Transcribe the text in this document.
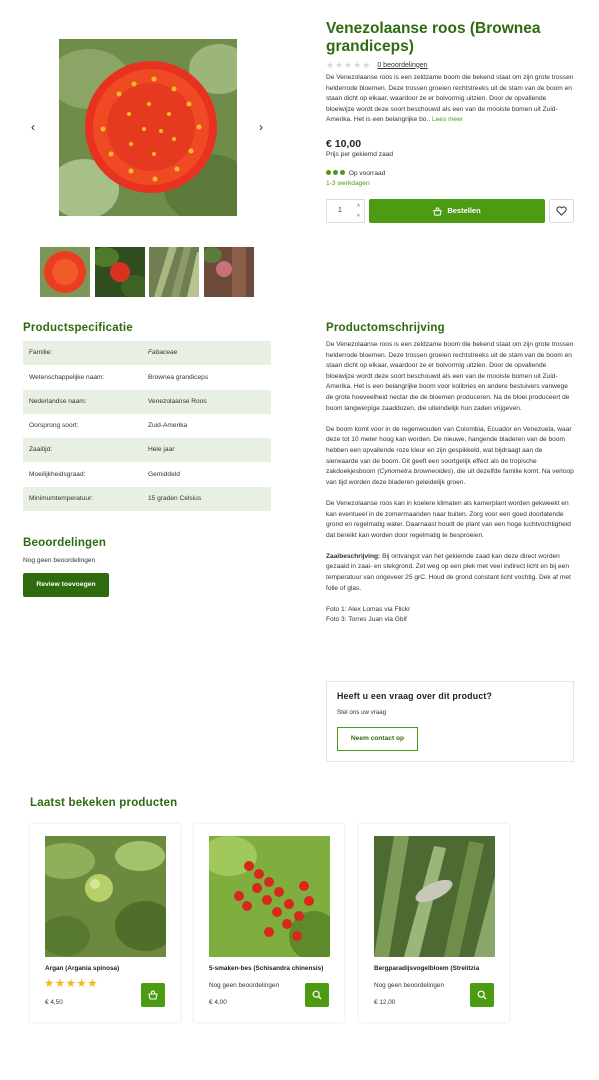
‹	›
Venezolaanse roos (Brownea grandiceps)
★★★★★ 0 beoordelingen
De Venezolaanse roos is een zeldzame boom die bekend staat om zijn grote trossen helderrode bloemen. Deze trossen groeien rechtstreeks uit de stam van de boom en staan dicht op elkaar, waardoor ze er bolvormig uitzien. Door de opvallende bloeiwijze wordt deze soort beschouwd als een van de mooiste bomen uit Zuid-Amerika. Het is een belangrijke bo.. Lees meer
€ 10,00
Prijs per gekiemd zaad

Op voorraad
1-3 werkdagen
1
˄
˅
Bestellen
Productspecificatie
Familie:	Fabaceae
Wetenschappelijke naam:	Brownea grandiceps
Nederlandse naam:	Venezolaanse Roos
Oorsprong soort:	Zuid-Amerika
Zaaitijd:	Hele jaar
Moeilijkheidsgraad:	Gemiddeld
Minimumtemperatuur:	15 graden Celsius
Beoordelingen
Nog geen beoordelingen
Review toevoegen
Productomschrijving

De Venezolaanse roos is een zeldzame boom die bekend staat om zijn grote trossen helderrode bloemen. Deze trossen groeien rechtstreeks uit de stam van de boom en staan dicht op elkaar, waardoor ze er bolvormig uitzien. Door de opvallende bloeiwijze wordt deze soort beschouwd als een van de mooiste bomen uit Zuid-Amerika. Het is een belangrijke boom voor kolibries en andere bestuivers vanwege de grote hoeveelheid nectar die de bloemen produceren. Na de bloei produceert de boom langwerpige zaaddozen, die uiteindelijk hun zaden vrijgeven.

De boom komt voor in de regenwouden van Colombia, Ecuador en Venezuela, waar deze tot 10 meter hoog kan worden. De nieuwe, hangende bladeren van de boom hebben een opvallende roze kleur en zijn gespikkeld, wat bijdraagt aan de sierwaarde van de boom. Dit geeft een soortgelijk effect als de tropische zakdoekjesboom (Cynometra browneoides), die uit dezelfde familie komt. Na verloop van tijd worden deze bladeren geleidelijk groen.

De Venezolaanse roos kan in koelere klimaten als kamerplant worden gekweekt en kan eventueel in de zomermaanden naar buiten. Zorg voor een goed doorlatende grond en regelmatig water. Daarnaast houdt de plant van een hoge luchtvochtigheid dat bereikt kan worden door regelmatig te besproeien.

Zaaibeschrijving: Bij ontvangst van het gekiemde zaad kan deze direct worden gezaaid in zaai- en stekgrond. Zet weg op een plek met veel indirect licht en bij een temperatuur van ongeveer 25 grC. Houd de grond constant licht vochtig. Dek af met folie of glas.

Foto 1: Alex Lomas via Flickr
Foto 3: Torres Juan via Gbif
Heeft u een vraag over dit product?
Stel ons uw vraag
Neem contact op
Laatst bekeken producten
Argan (Argania spinosa)
★★★★★
€ 4,50
5-smaken-bes (Schisandra chinensis)
Nog geen beoordelingen
€ 4,00
Bergparadijsvogelbloem (Strelitzia
Nog geen beoordelingen
€ 12,00
